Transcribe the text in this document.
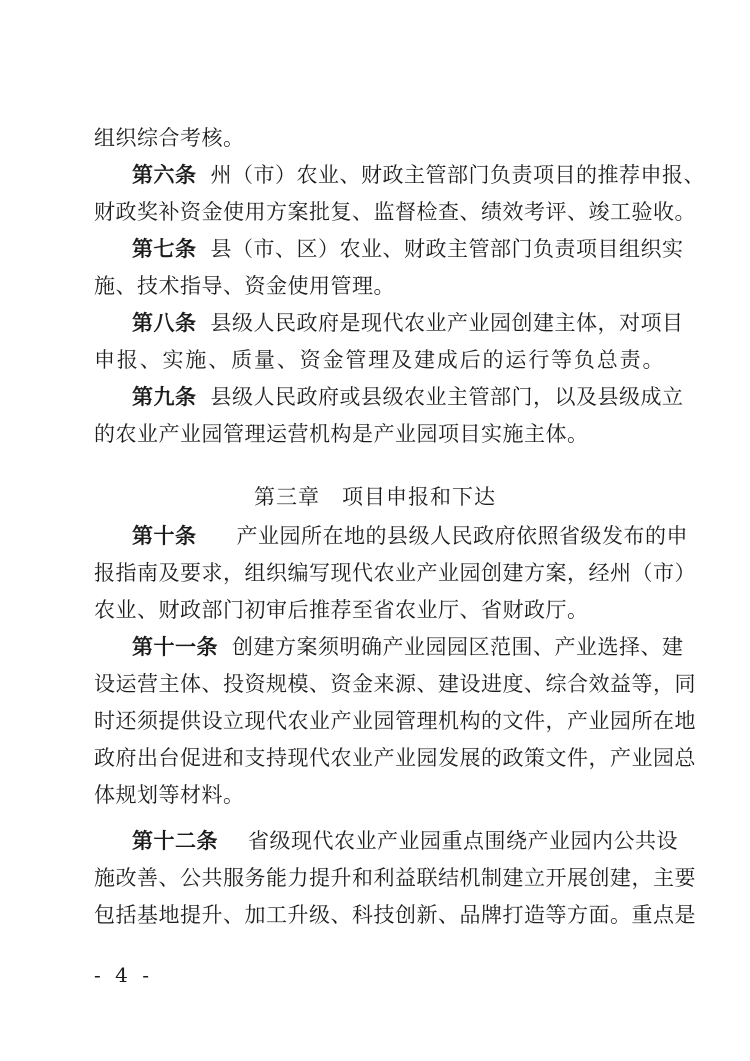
组织综合考核。
第六条 州（市）农业、财政主管部门负责项目的推荐申报、
财政奖补资金使用方案批复、监督检查、绩效考评、竣工验收。
第七条 县（市、区）农业、财政主管部门负责项目组织实
施、技术指导、资金使用管理。
第八条 县级人民政府是现代农业产业园创建主体，对项目
申报、实施、质量、资金管理及建成后的运行等负总责。
第九条 县级人民政府或县级农业主管部门，以及县级成立
的农业产业园管理运营机构是产业园项目实施主体。
第三章　项目申报和下达
第十条 产业园所在地的县级人民政府依照省级发布的申
报指南及要求，组织编写现代农业产业园创建方案，经州（市）
农业、财政部门初审后推荐至省农业厅、省财政厅。
第十一条 创建方案须明确产业园园区范围、产业选择、建
设运营主体、投资规模、资金来源、建设进度、综合效益等，同
时还须提供设立现代农业产业园管理机构的文件，产业园所在地
政府出台促进和支持现代农业产业园发展的政策文件，产业园总
体规划等材料。
第十二条 省级现代农业产业园重点围绕产业园内公共设
施改善、公共服务能力提升和利益联结机制建立开展创建，主要
包括基地提升、加工升级、科技创新、品牌打造等方面。重点是
- 4 -
